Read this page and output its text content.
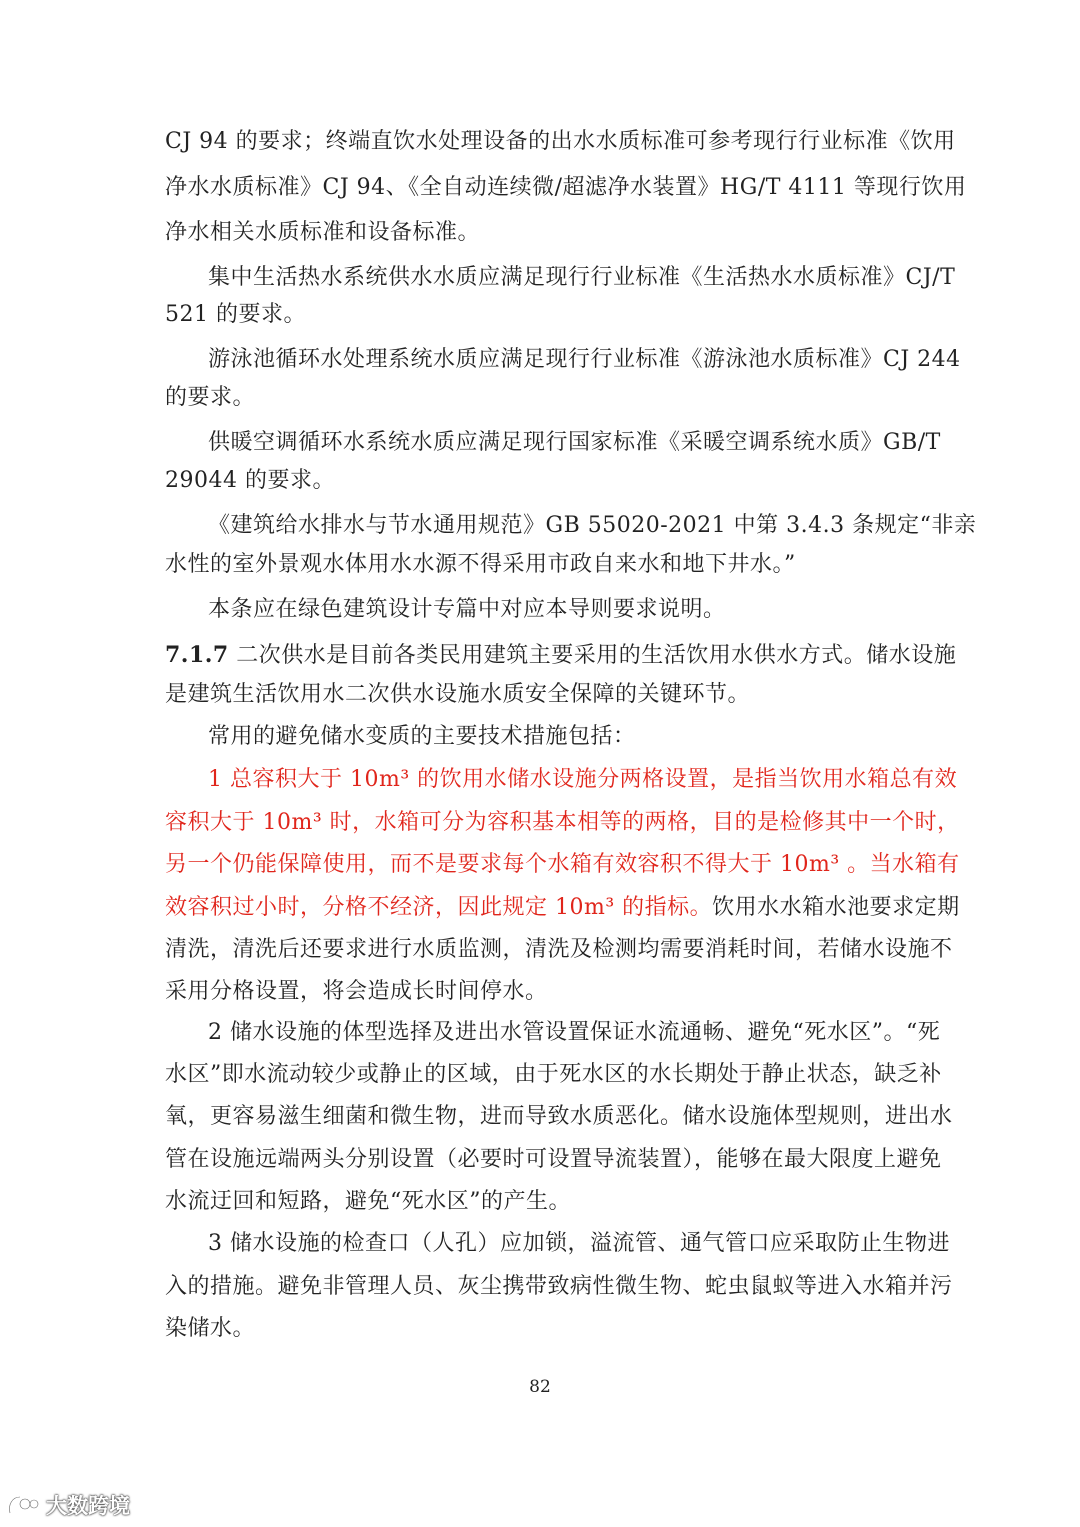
CJ 94 的要求；终端直饮水处理设备的出水水质标准可参考现行行业标准《饮用
净水水质标准》CJ 94、《全自动连续微/超滤净水装置》HG/T 4111 等现行饮用
净水相关水质标准和设备标准。
集中生活热水系统供水水质应满足现行行业标准《生活热水水质标准》CJ/T
521 的要求。
游泳池循环水处理系统水质应满足现行行业标准《游泳池水质标准》CJ 244
的要求。
供暖空调循环水系统水质应满足现行国家标准《采暖空调系统水质》GB/T
29044 的要求。
《建筑给水排水与节水通用规范》GB 55020-2021 中第 3.4.3 条规定“非亲
水性的室外景观水体用水水源不得采用市政自来水和地下井水。”
本条应在绿色建筑设计专篇中对应本导则要求说明。
7.1.7 二次供水是目前各类民用建筑主要采用的生活饮用水供水方式。储水设施
是建筑生活饮用水二次供水设施水质安全保障的关键环节。
常用的避免储水变质的主要技术措施包括：
1 总容积大于 10m³ 的饮用水储水设施分两格设置，是指当饮用水箱总有效
容积大于 10m³ 时，水箱可分为容积基本相等的两格，目的是检修其中一个时，
另一个仍能保障使用，而不是要求每个水箱有效容积不得大于 10m³ 。当水箱有
效容积过小时，分格不经济，因此规定 10m³ 的指标。饮用水水箱水池要求定期
清洗，清洗后还要求进行水质监测，清洗及检测均需要消耗时间，若储水设施不
采用分格设置，将会造成长时间停水。
2 储水设施的体型选择及进出水管设置保证水流通畅、避免“死水区”。“死
水区”即水流动较少或静止的区域，由于死水区的水长期处于静止状态，缺乏补
氧，更容易滋生细菌和微生物，进而导致水质恶化。储水设施体型规则，进出水
管在设施远端两头分别设置（必要时可设置导流装置），能够在最大限度上避免
水流迂回和短路，避免“死水区”的产生。
3 储水设施的检查口（人孔）应加锁，溢流管、通气管口应采取防止生物进
入的措施。避免非管理人员、灰尘携带致病性微生物、蛇虫鼠蚁等进入水箱并污
染储水。
82
大数跨境
